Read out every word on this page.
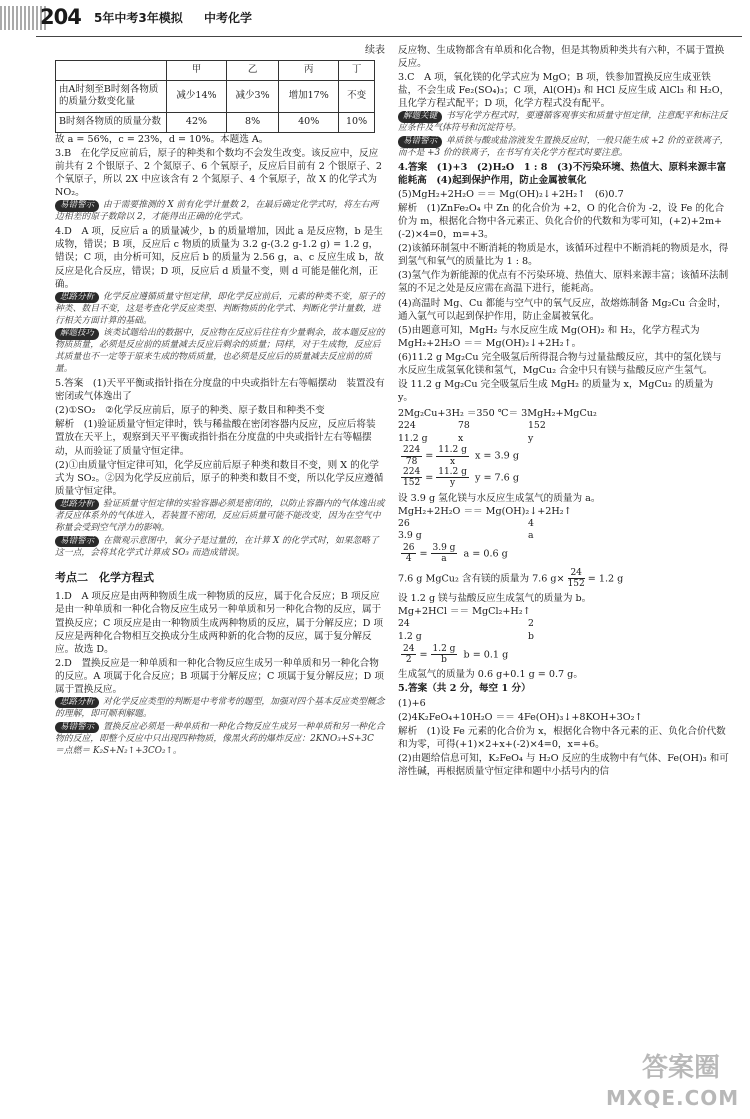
204 5年中考3年模拟 中考化学
续表
	甲	乙	丙	丁
由A时刻至B时刻各物质的质量分数变化量	减少14%	减少3%	增加17%	不变
B时刻各物质的质量分数	42%	8%	40%	10%

故 a = 56%，c = 23%，d = 10%。本题选 A。

3.B　在化学反应前后，原子的种类和个数均不会发生改变。该反应中，反应前共有 2 个银原子、2 个氮原子、6 个氧原子，反应后目前有 2 个银原子、2 个氧原子，所以 2X 中应该含有 2 个氮原子、4 个氧原子，故 X 的化学式为 NO₂。

易错警示 由于需要推测的 X 前有化学计量数 2，在最后确定化学式时，将左右两边相差的原子数除以 2，才能得出正确的化学式。

4.D　A 项，反应后 a 的质量减少，b 的质量增加，因此 a 是反应物，b 是生成物，错误；B 项，反应后 c 物质的质量为 3.2 g-(3.2 g-1.2 g) = 1.2 g，错误；C 项，由分析可知，反应后 b 的质量为 2.56 g，a、c 反应生成 b，故反应是化合反应，错误；D 项，反应后 d 质量不变，则 d 可能是催化剂，正确。

思路分析 化学反应遵循质量守恒定律，即化学反应前后，元素的种类不变，原子的种类、数目不变，这是考查化学反应类型、判断物质的化学式、判断化学计量数，进行相关方面计算的基础。

解题技巧 该类试题给出的数据中，反应物在反应后往往有少量剩余，故本题反应的物质质量，必须是反应前的质量减去反应后剩余的质量；同样，对于生成物，反应后其质量也不一定等于原来生成的物质质量，也必须是反应后的质量减去反应前的质量。

5.答案　(1)天平平衡或指针指在分度盘的中央或指针左右等幅摆动　装置没有密闭或气体逸出了

(2)①SO₂　②化学反应前后，原子的种类、原子数目和种类不变

解析　(1)验证质量守恒定律时，铁与稀盐酸在密闭容器内反应，反应后将装置放在天平上，观察到天平平衡或指针指在分度盘的中央或指针左右等幅摆动，从而验证了质量守恒定律。

(2)①由质量守恒定律可知，化学反应前后原子种类和数目不变，则 X 的化学式为 SO₂。②因为化学反应前后，原子的种类和数目不变，所以化学反应遵循质量守恒定律。

思路分析 验证质量守恒定律的实验容器必须是密闭的，以防止容器内的气体逸出或者反应体系外的气体进入，若装置不密闭，反应后质量可能不能改变，因为在空气中称量会受到空气浮力的影响。

易错警示 在微观示意图中，氧分子是过量的，在计算 X 的化学式时，如果忽略了这一点，会将其化学式计算成 SO₃ 而造成错误。

考点二　化学方程式

1.D　A 项反应是由两种物质生成一种物质的反应，属于化合反应；B 项反应是由一种单质和一种化合物反应生成另一种单质和另一种化合物的反应，属于置换反应；C 项反应是由一种物质生成两种物质的反应，属于分解反应；D 项反应是两种化合物相互交换成分生成两种新的化合物的反应，属于复分解反应。故选 D。

2.D　置换反应是一种单质和一种化合物反应生成另一种单质和另一种化合物的反应。A 项属于化合反应；B 项属于分解反应；C 项属于复分解反应；D 项属于置换反应。

思路分析 对化学反应类型的判断是中考常考的题型，加强对四个基本反应类型概念的理解，即可顺利解题。

易错警示 置换反应必须是一种单质和一种化合物反应生成另一种单质和另一种化合物的反应，即整个反应中只出现四种物质，像黑火药的爆炸反应：2KNO₃+S+3C ＝点燃＝ K₂S+N₂↑+3CO₂↑。

反应物、生成物都含有单质和化合物，但是其物质种类共有六种，不属于置换反应。

3.C　A 项，氧化镁的化学式应为 MgO；B 项，铁参加置换反应生成亚铁盐，不会生成 Fe₂(SO₄)₃；C 项，Al(OH)₃ 和 HCl 反应生成 AlCl₃ 和 H₂O，且化学方程式配平；D 项，化学方程式没有配平。

解题关键 书写化学方程式时，要遵循客观事实和质量守恒定律，注意配平和标注反应条件及气体符号和沉淀符号。

易错警示 单质铁与酸或盐溶液发生置换反应时，一般只能生成 +2 价的亚铁离子，而不是 +3 价的铁离子，在书写有关化学方程式时要注意。

4.答案　(1)+3　(2)H₂O　1 : 8　(3)不污染环境、热值大、原料来源丰富　能耗高　(4)起到保护作用，防止金属被氧化

(5)MgH₂+2H₂O ＝＝ Mg(OH)₂↓+2H₂↑　(6)0.7

解析　(1)ZnFe₂O₄ 中 Zn 的化合价为 +2，O 的化合价为 -2，设 Fe 的化合价为 m，根据化合物中各元素正、负化合价的代数和为零可知，(+2)+2m+(-2)×4=0，m=+3。

(2)该循环制氢中不断消耗的物质是水，该循环过程中不断消耗的物质是水，得到氢气和氧气的质量比为 1 : 8。

(3)氢气作为新能源的优点有不污染环境、热值大、原料来源丰富；该循环法制氢的不足之处是反应需在高温下进行，能耗高。

(4)高温时 Mg、Cu 都能与空气中的氧气反应，故熔炼制备 Mg₂Cu 合金时，通入氩气可以起到保护作用，防止金属被氧化。

(5)由题意可知，MgH₂ 与水反应生成 Mg(OH)₂ 和 H₂，化学方程式为 MgH₂+2H₂O ＝＝ Mg(OH)₂↓+2H₂↑。

(6)11.2 g Mg₂Cu 完全吸氢后所得混合物与过量盐酸反应，其中的氢化镁与水反应生成氢氧化镁和氢气，MgCu₂ 合金中只有镁与盐酸反应产生氢气。

设 11.2 g Mg₂Cu 完全吸氢后生成 MgH₂ 的质量为 x，MgCu₂ 的质量为 y。

2Mg₂Cu+3H₂ ＝350 ℃＝ 3MgH₂+MgCu₂
224	78	152
11.2 g	x	y
$\frac{224}{78} = \frac{11.2 g}{x}$ x = 3.9 g
$\frac{224}{152} = \frac{11.2 g}{y}$ y = 7.6 g
设 3.9 g 氢化镁与水反应生成氢气的质量为 a。
MgH₂+2H₂O ＝＝ Mg(OH)₂↓+2H₂↑
26	4
3.9 g	a
$\frac{26}{4} = \frac{3.9 g}{a}$ a = 0.6 g
7.6 g MgCu₂ 含有镁的质量为 7.6 $g\times \frac{24}{152} = 1.2$ g
设 1.2 g 镁与盐酸反应生成氢气的质量为 b。
Mg+2HCl ＝＝ MgCl₂+H₂↑
24	2
1.2 g	b
$\frac{24}{2} = \frac{1.2 g}{b}$ b = 0.1 g

生成氢气的质量为 0.6 g+0.1 g = 0.7 g。

5.答案（共 2 分，每空 1 分）

(1)+6

(2)4K₂FeO₄+10H₂O ＝＝ 4Fe(OH)₃↓+8KOH+3O₂↑

解析　(1)设 Fe 元素的化合价为 x，根据化合物中各元素的正、负化合价代数和为零，可得(+1)×2+x+(-2)×4=0，x=+6。

(2)由题给信息可知，K₂FeO₄ 与 H₂O 反应的生成物中有气体、Fe(OH)₃ 和可溶性碱，再根据质量守恒定律和题中小括号内的信

答案圈
MXQE.COM
